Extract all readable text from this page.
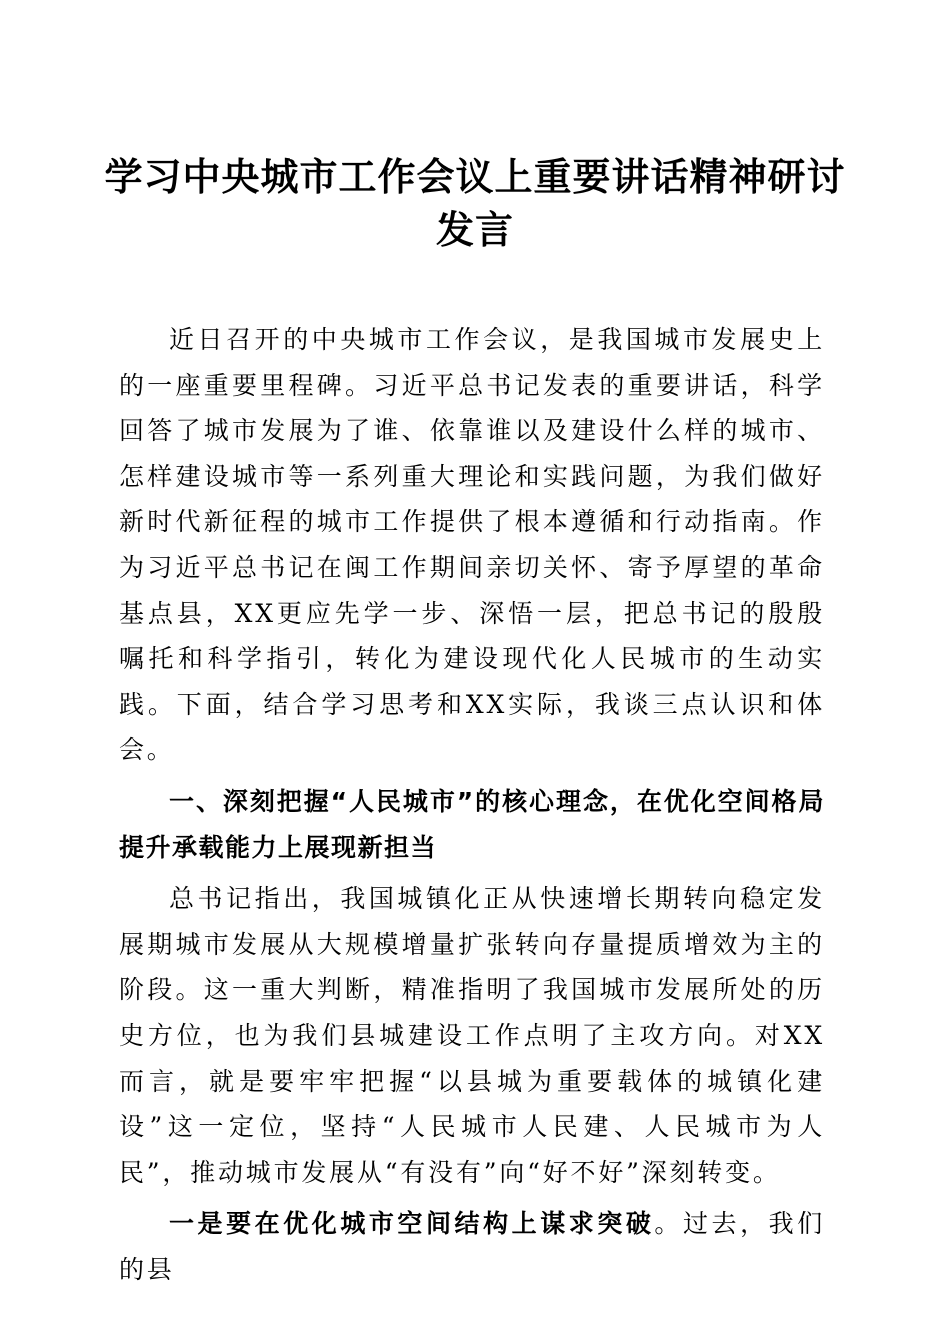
学习中央城市工作会议上重要讲话精神研讨发言

近日召开的中央城市工作会议，是我国城市发展史上的一座重要里程碑。习近平总书记发表的重要讲话，科学回答了城市发展为了谁、依靠谁以及建设什么样的城市、怎样建设城市等一系列重大理论和实践问题，为我们做好新时代新征程的城市工作提供了根本遵循和行动指南。作为习近平总书记在闽工作期间亲切关怀、寄予厚望的革命基点县，XX更应先学一步、深悟一层，把总书记的殷殷嘱托和科学指引，转化为建设现代化人民城市的生动实践。下面，结合学习思考和XX实际，我谈三点认识和体会。

一、深刻把握“人民城市”的核心理念，在优化空间格局提升承载能力上展现新担当

总书记指出，我国城镇化正从快速增长期转向稳定发展期城市发展从大规模增量扩张转向存量提质增效为主的阶段。这一重大判断，精准指明了我国城市发展所处的历史方位，也为我们县城建设工作点明了主攻方向。对XX而言，就是要牢牢把握“以县城为重要载体的城镇化建设”这一定位，坚持“人民城市人民建、人民城市为人民”，推动城市发展从“有没有”向“好不好”深刻转变。

一是要在优化城市空间结构上谋求突破。过去，我们的县
